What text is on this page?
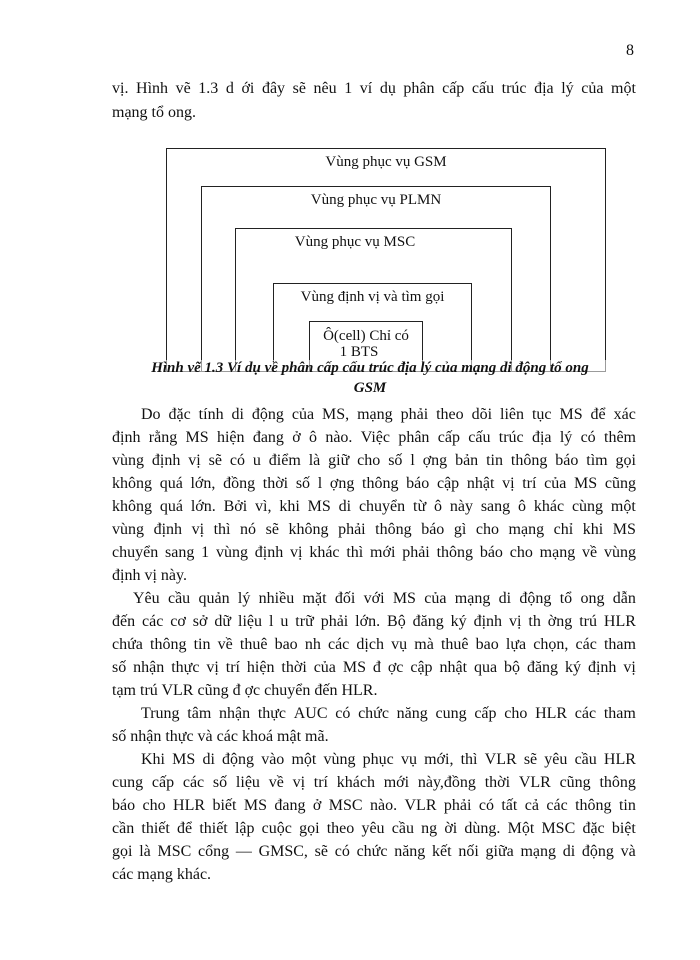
8
vị. Hình vẽ 1.3 d ới đây sẽ nêu 1 ví dụ phân cấp cấu trúc địa lý của một
mạng tổ ong.
Vùng phục vụ GSM
Vùng phục vụ PLMN
Vùng phục vụ MSC
Vùng định vị và tìm gọi
Ô(cell) Chỉ có
1 BTS
Hình vẽ 1.3 Ví dụ về phân cấp cấu trúc địa lý của mạng di động tổ ong
GSM
Do đặc tính di động của MS, mạng phải theo dõi liên tục MS để xác
định rằng MS hiện đang ở ô nào. Việc phân cấp cấu trúc địa lý có thêm
vùng định vị sẽ có u điểm là giữ cho số l ợng bản tin thông báo tìm gọi
không quá lớn, đồng thời số l ợng thông báo cập nhật vị trí của MS cũng
không quá lớn. Bởi vì, khi MS di chuyển từ ô này sang ô khác cùng một
vùng định vị thì nó sẽ không phải thông báo gì cho mạng chỉ khi MS
chuyển sang 1 vùng định vị khác thì mới phải thông báo cho mạng về vùng
định vị này.
Yêu cầu quản lý nhiều mặt đối với MS của mạng di động tổ ong dẫn
đến các cơ sở dữ liệu l u trữ phải lớn. Bộ đăng ký định vị th ờng trú HLR
chứa thông tin về thuê bao nh các dịch vụ mà thuê bao lựa chọn, các tham
số nhận thực vị trí hiện thời của MS đ ợc cập nhật qua bộ đăng ký định vị
tạm trú VLR cũng đ ợc chuyển đến HLR.
Trung tâm nhận thực AUC có chức năng cung cấp cho HLR các tham
số nhận thực và các khoá mật mã.
Khi MS di động vào một vùng phục vụ mới, thì VLR sẽ yêu cầu HLR
cung cấp các số liệu về vị trí khách mới này,đồng thời VLR cũng thông
báo cho HLR biết MS đang ở MSC nào. VLR phải có tất cả các thông tin
cần thiết để thiết lập cuộc gọi theo yêu cầu ng ời dùng. Một MSC đặc biệt
gọi là MSC cổng — GMSC, sẽ có chức năng kết nối giữa mạng di động và
các mạng khác.
